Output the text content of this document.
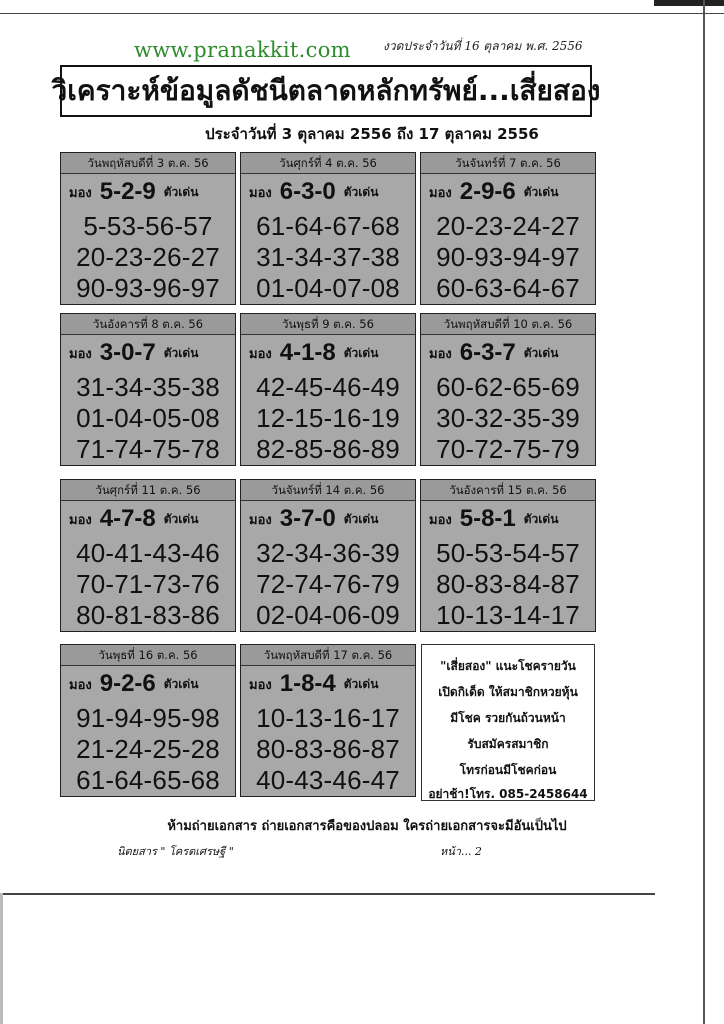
www.pranakkit.com	งวดประจำวันที่ 16 ตุลาคม พ.ศ. 2556
วิเคราะห์ข้อมูลดัชนีตลาดหลักทรัพย์...เสี่ยสอง
ประจำวันที่ 3 ตุลาคม 2556 ถึง 17 ตุลาคม 2556
วันพฤหัสบดีที่ 3 ต.ค. 56
มอง 5-2-9 ตัวเด่น
5-53-56-57
20-23-26-27
90-93-96-97
วันศุกร์ที่ 4 ต.ค. 56
มอง 6-3-0 ตัวเด่น
61-64-67-68
31-34-37-38
01-04-07-08
วันจันทร์ที่ 7 ต.ค. 56
มอง 2-9-6 ตัวเด่น
20-23-24-27
90-93-94-97
60-63-64-67
วันอังคารที่ 8 ต.ค. 56
มอง 3-0-7 ตัวเด่น
31-34-35-38
01-04-05-08
71-74-75-78
วันพุธที่ 9 ต.ค. 56
มอง 4-1-8 ตัวเด่น
42-45-46-49
12-15-16-19
82-85-86-89
วันพฤหัสบดีที่ 10 ต.ค. 56
มอง 6-3-7 ตัวเด่น
60-62-65-69
30-32-35-39
70-72-75-79
วันศุกร์ที่ 11 ต.ค. 56
มอง 4-7-8 ตัวเด่น
40-41-43-46
70-71-73-76
80-81-83-86
วันจันทร์ที่ 14 ต.ค. 56
มอง 3-7-0 ตัวเด่น
32-34-36-39
72-74-76-79
02-04-06-09
วันอังคารที่ 15 ต.ค. 56
มอง 5-8-1 ตัวเด่น
50-53-54-57
80-83-84-87
10-13-14-17
วันพุธที่ 16 ต.ค. 56
มอง 9-2-6 ตัวเด่น
91-94-95-98
21-24-25-28
61-64-65-68
วันพฤหัสบดีที่ 17 ต.ค. 56
มอง 1-8-4 ตัวเด่น
10-13-16-17
80-83-86-87
40-43-46-47
"เสี่ยสอง" แนะโชครายวัน
เปิดกิเด็ด ให้สมาชิกหวยหุ้น
มีโชค รวยกันถ้วนหน้า
รับสมัครสมาชิก
โทรก่อนมีโชคก่อน
อย่าช้า!โทร. 085-2458644
ห้ามถ่ายเอกสาร ถ่ายเอกสารคือของปลอม ใครถ่ายเอกสารจะมีอันเป็นไป
นิตยสาร " โครตเศรษฐี "	หน้า... 2
